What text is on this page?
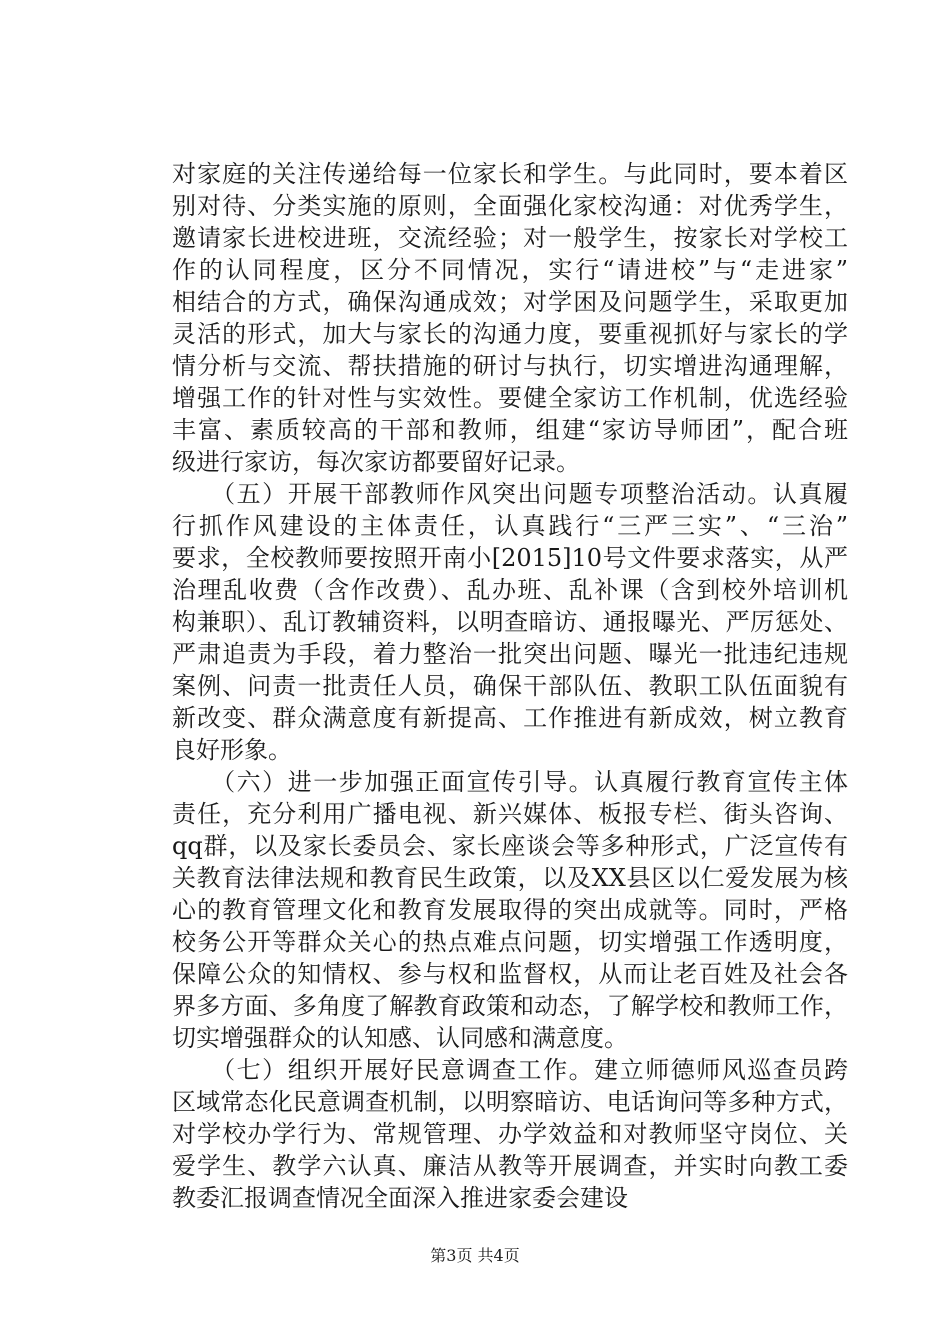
对家庭的关注传递给每一位家长和学生。与此同时，要本着区
别对待、分类实施的原则，全面强化家校沟通：对优秀学生，
邀请家长进校进班，交流经验；对一般学生，按家长对学校工
作的认同程度，区分不同情况，实行“请进校”与“走进家”
相结合的方式，确保沟通成效；对学困及问题学生，采取更加
灵活的形式，加大与家长的沟通力度，要重视抓好与家长的学
情分析与交流、帮扶措施的研讨与执行，切实增进沟通理解，
增强工作的针对性与实效性。要健全家访工作机制，优选经验
丰富、素质较高的干部和教师，组建“家访导师团”，配合班
级进行家访，每次家访都要留好记录。
　　（五）开展干部教师作风突出问题专项整治活动。认真履
行抓作风建设的主体责任，认真践行“三严三实”、“三治”
要求，全校教师要按照开南小[2015]10号文件要求落实，从严
治理乱收费（含作改费）、乱办班、乱补课（含到校外培训机
构兼职）、乱订教辅资料，以明查暗访、通报曝光、严厉惩处、
严肃追责为手段，着力整治一批突出问题、曝光一批违纪违规
案例、问责一批责任人员，确保干部队伍、教职工队伍面貌有
新改变、群众满意度有新提高、工作推进有新成效，树立教育
良好形象。
　　（六）进一步加强正面宣传引导。认真履行教育宣传主体
责任，充分利用广播电视、新兴媒体、板报专栏、街头咨询、
qq群，以及家长委员会、家长座谈会等多种形式，广泛宣传有
关教育法律法规和教育民生政策，以及XX县区以仁爱发展为核
心的教育管理文化和教育发展取得的突出成就等。同时，严格
校务公开等群众关心的热点难点问题，切实增强工作透明度，
保障公众的知情权、参与权和监督权，从而让老百姓及社会各
界多方面、多角度了解教育政策和动态，了解学校和教师工作，
切实增强群众的认知感、认同感和满意度。
　　（七）组织开展好民意调查工作。建立师德师风巡查员跨
区域常态化民意调查机制，以明察暗访、电话询问等多种方式，
对学校办学行为、常规管理、办学效益和对教师坚守岗位、关
爱学生、教学六认真、廉洁从教等开展调查，并实时向教工委
教委汇报调查情况全面深入推进家委会建设
第3页 共4页
